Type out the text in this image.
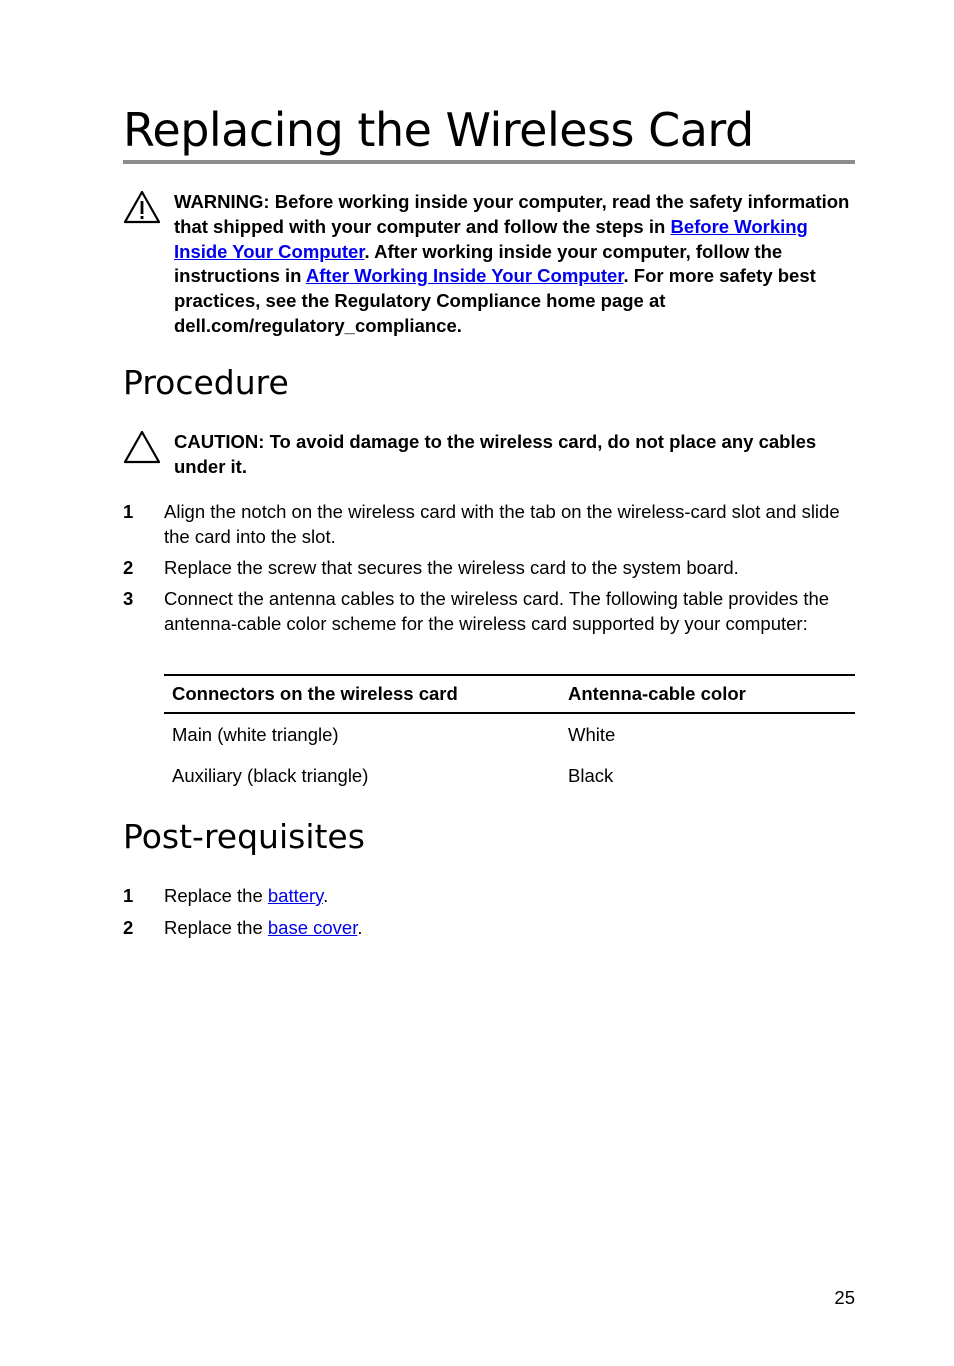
Replacing the Wireless Card

WARNING: Before working inside your computer, read the safety information that shipped with your computer and follow the steps in Before Working Inside Your Computer. After working inside your computer, follow the instructions in After Working Inside Your Computer. For more safety best practices, see the Regulatory Compliance home page at dell.com/regulatory_compliance.

Procedure

CAUTION: To avoid damage to the wireless card, do not place any cables under it.

1 Align the notch on the wireless card with the tab on the wireless-card slot and slide the card into the slot.

2 Replace the screw that secures the wireless card to the system board.

3 Connect the antenna cables to the wireless card. The following table provides the antenna-cable color scheme for the wireless card supported by your computer:

Connectors on the wireless card	Antenna-cable color
Main (white triangle)	White
Auxiliary (black triangle)	Black
Post-requisites
1 Replace the battery.

2 Replace the base cover.

25
